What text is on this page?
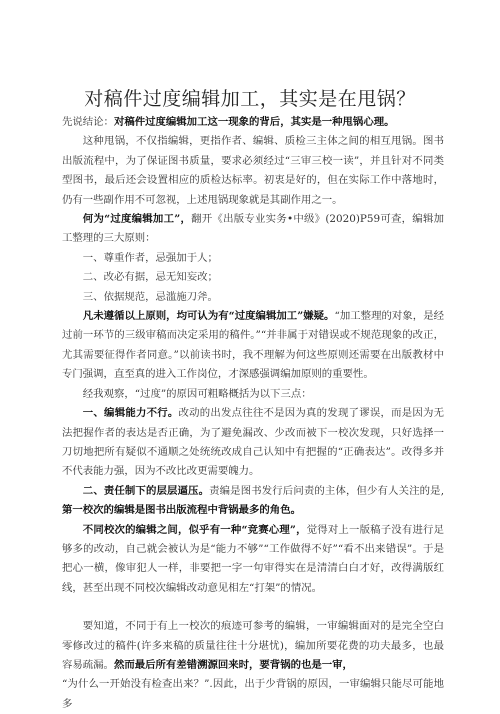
对稿件过度编辑加工，其实是在甩锅？

先说结论：对稿件过度编辑加工这一现象的背后，其实是一种甩锅心理。

这种甩锅，不仅指编辑，更指作者、编辑、质检三主体之间的相互甩锅。图书出版流程中，为了保证图书质量，要求必须经过“三审三校一读”，并且针对不同类型图书，最后还会设置相应的质检达标率。初衷是好的，但在实际工作中落地时，仍有一些副作用不可忽视，上述甩锅现象就是其副作用之一。

何为“过度编辑加工”，翻开《出版专业实务•中级》(2020)P59可查，编辑加工整理的三大原则：

一、尊重作者，忌强加于人；
二、改必有据，忌无知妄改；
三、依据规范，忌滥施刀斧。

凡未遵循以上原则，均可认为有“过度编辑加工”嫌疑。“加工整理的对象，是经过前一环节的三级审稿而决定采用的稿件。”“并非属于对错误或不规范现象的改正，尤其需要征得作者同意。”以前读书时，我不理解为何这些原则还需要在出版教材中专门强调，直至真的进入工作岗位，才深感强调编加原则的重要性。

经我观察，“过度”的原因可粗略概括为以下三点：

一、编辑能力不行。改动的出发点往往不是因为真的发现了谬误，而是因为无法把握作者的表达是否正确，为了避免漏改、少改而被下一校次发现，只好选择一刀切地把所有疑似不通顺之处统统改成自己认知中有把握的“正确表达”。改得多并不代表能力强，因为不改比改更需要魄力。

二、责任制下的层层逼压。责编是图书发行后问责的主体，但少有人关注的是,第一校次的编辑是图书出版流程中背锅最多的角色。

不同校次的编辑之间，似乎有一种“竞赛心理”，觉得对上一版稿子没有进行足够多的改动，自己就会被认为是“能力不够”“工作做得不好”“看不出来错误”。于是把心一横，像审犯人一样，非要把一字一句审得实在是清清白白才好，改得满版红线，甚至出现不同校次编辑改动意见相左“打架”的情况。

要知道，不同于有上一校次的痕迹可参考的编辑，一审编辑面对的是完全空白零修改过的稿件(许多来稿的质量往往十分堪忧)，编加所要花费的功夫最多，也最容易疏漏。然而最后所有差错溯源回来时，要背锅的也是一审，

“为什么一开始没有检查出来？”.因此，出于少背锅的原因，一审编辑只能尽可能地多
